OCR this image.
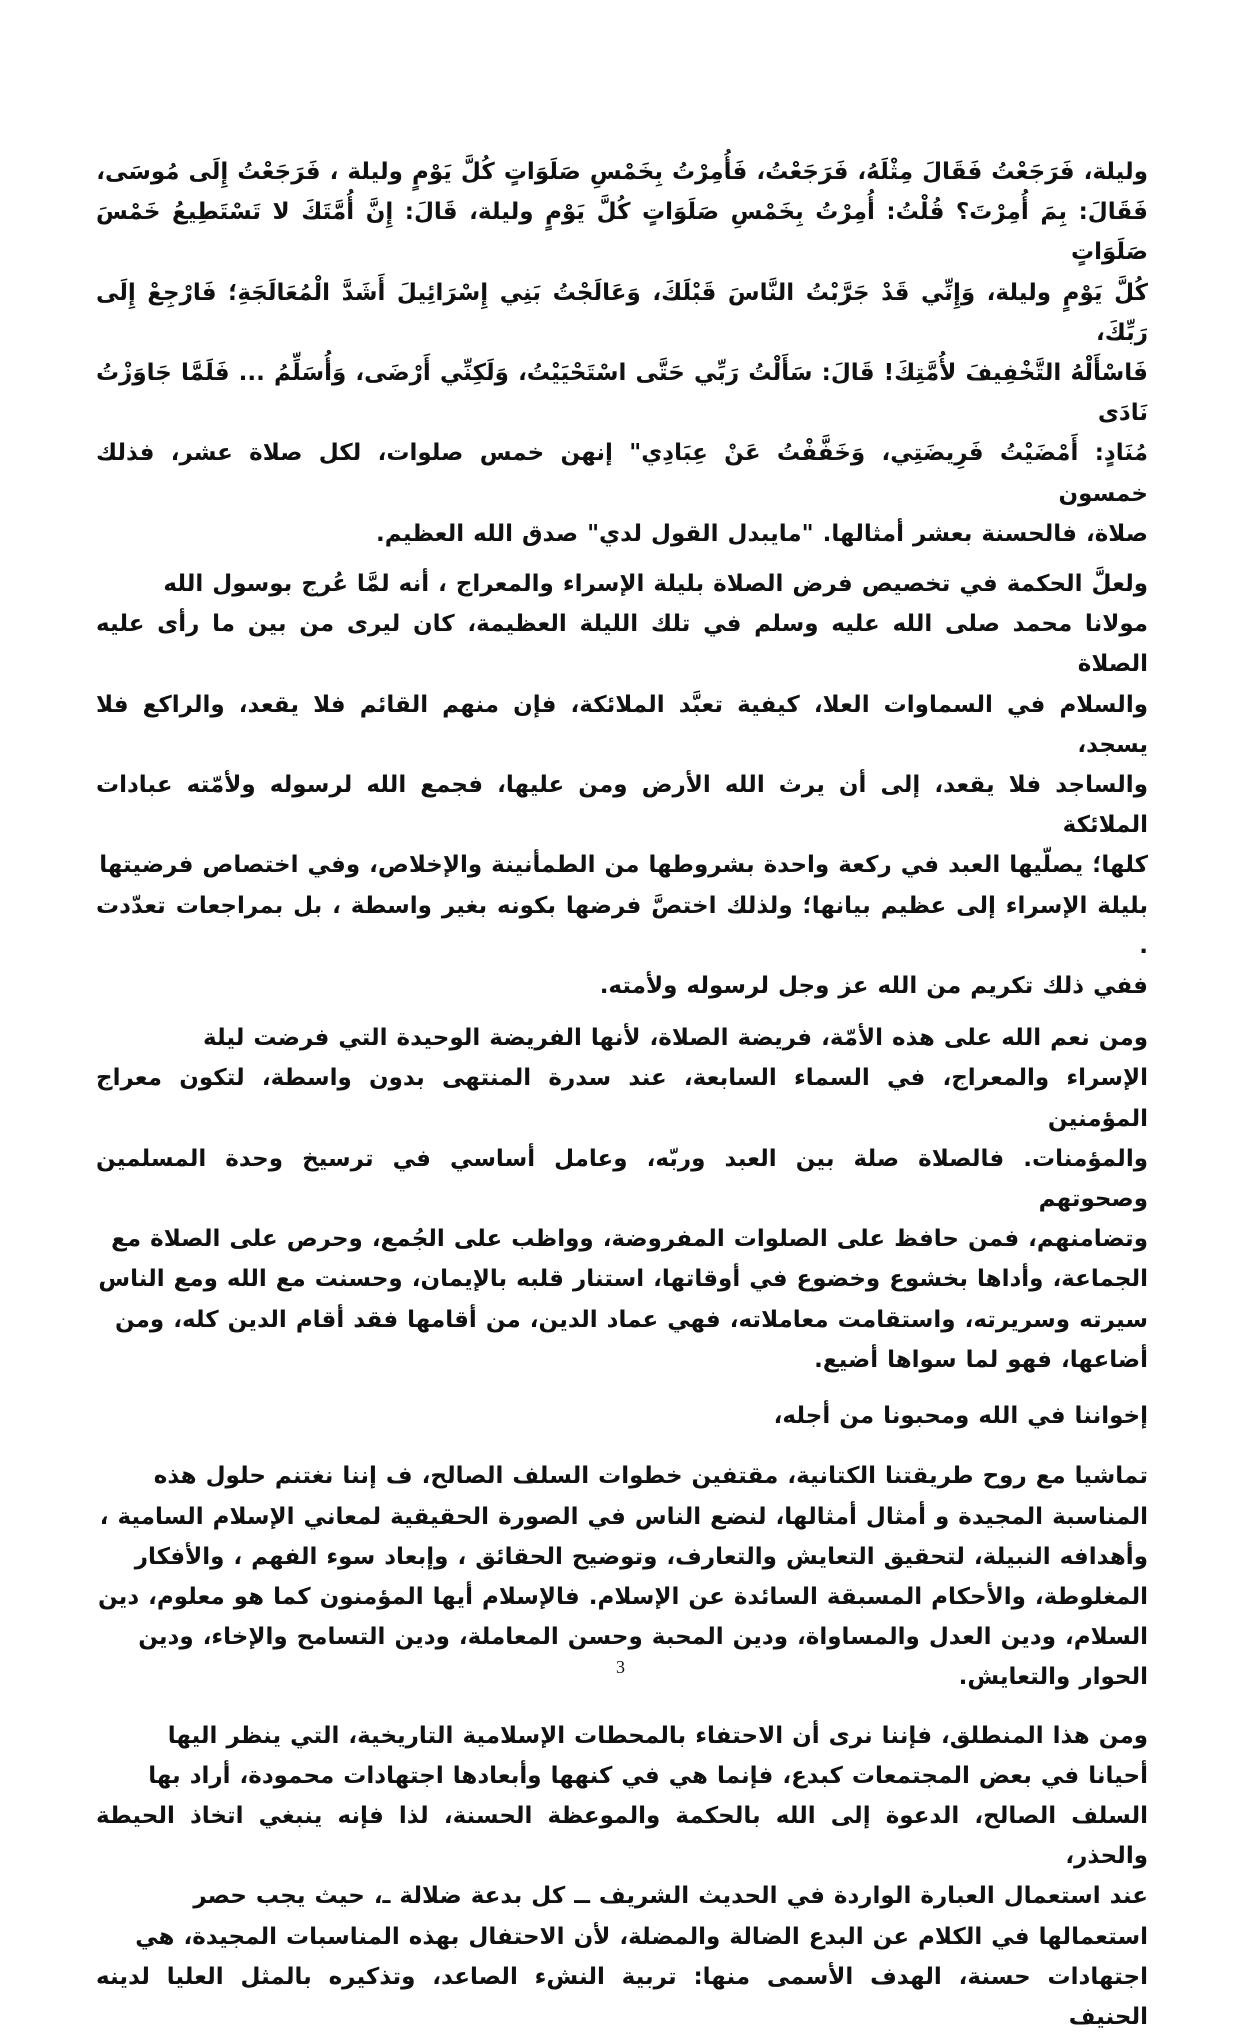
وليلة، فَرَجَعْتُ فَقَالَ مِثْلَهُ، فَرَجَعْتُ، فَأُمِرْتُ بِخَمْسِ صَلَوَاتٍ كُلَّ يَوْمٍ وليلة ، فَرَجَعْتُ إِلَى مُوسَى،
فَقَالَ: بِمَ أُمِرْتَ؟ قُلْتُ: أُمِرْتُ بِخَمْسِ صَلَوَاتٍ كُلَّ يَوْمٍ وليلة، قَالَ: إِنَّ أُمَّتَكَ لا تَسْتَطِيعُ خَمْسَ صَلَوَاتٍ
كُلَّ يَوْمٍ وليلة، وَإِنِّي قَدْ جَرَّبْتُ النَّاسَ قَبْلَكَ، وَعَالَجْتُ بَنِي إِسْرَائِيلَ أَشَدَّ الْمُعَالَجَةِ؛ فَارْجِعْ إِلَى رَبِّكَ،
فَاسْأَلْهُ التَّخْفِيفَ لأُمَّتِكَ! قَالَ: سَأَلْتُ رَبِّي حَتَّى اسْتَحْيَيْتُ، وَلَكِنِّي أَرْضَى، وَأُسَلِّمُ ... فَلَمَّا جَاوَزْتُ نَادَى
مُنَادٍ: أَمْضَيْتُ فَرِيضَتِي، وَخَفَّفْتُ عَنْ عِبَادِي" إنهن خمس صلوات، لكل صلاة عشر، فذلك خمسون
صلاة، فالحسنة بعشر أمثالها. "مايبدل القول لدي" صدق الله العظيم.

ولعلَّ الحكمة في تخصيص فرض الصلاة بليلة الإسراء والمعراج ، أنه لمَّا عُرج بوسول الله
مولانا محمد صلى الله عليه وسلم في تلك الليلة العظيمة، كان ليرى من بين ما رأى عليه الصلاة
والسلام في السماوات العلا، كيفية تعبَّد الملائكة، فإن منهم القائم فلا يقعد، والراكع فلا يسجد،
والساجد فلا يقعد، إلى أن يرث الله الأرض ومن عليها، فجمع الله لرسوله ولأمّته عبادات الملائكة
كلها؛ يصلّيها العبد في ركعة واحدة بشروطها من الطمأنينة والإخلاص، وفي اختصاص فرضيتها
بليلة الإسراء إلى عظيم بيانها؛ ولذلك اختصَّ فرضها بكونه بغير واسطة ، بل بمراجعات تعدّدت .
ففي ذلك تكريم من الله عز وجل لرسوله ولأمته.

ومن نعم الله على هذه الأمّة، فريضة الصلاة، لأنها الفريضة الوحيدة التي فرضت ليلة
الإسراء والمعراج، في السماء السابعة، عند سدرة المنتهى بدون واسطة، لتكون معراج المؤمنين
والمؤمنات. فالصلاة صلة بين العبد وربّه، وعامل أساسي في ترسيخ وحدة المسلمين وصحوتهم
وتضامنهم، فمن حافظ على الصلوات المفروضة، وواظب على الجُمع، وحرص على الصلاة مع
الجماعة، وأداها بخشوع وخضوع في أوقاتها، استنار قلبه بالإيمان، وحسنت مع الله ومع الناس
سيرته وسريرته، واستقامت معاملاته، فهي عماد الدين، من أقامها فقد أقام الدين كله، ومن
أضاعها، فهو لما سواها أضيع.

إخواننا في الله ومحبونا من أجله،

تماشيا مع روح طريقتنا الكتانية، مقتفين خطوات السلف الصالح، ف إننا نغتنم حلول هذه
المناسبة المجيدة و أمثال أمثالها، لنضع الناس في الصورة الحقيقية لمعاني الإسلام السامية ،
وأهدافه النبيلة، لتحقيق التعايش والتعارف، وتوضيح الحقائق ، وإبعاد سوء الفهم ، والأفكار
المغلوطة، والأحكام المسبقة السائدة عن الإسلام. فالإسلام أيها المؤمنون كما هو معلوم، دين
السلام، ودين العدل والمساواة، ودين المحبة وحسن المعاملة، ودين التسامح والإخاء، ودين
الحوار والتعايش.

ومن هذا المنطلق، فإننا نرى أن الاحتفاء بالمحطات الإسلامية التاريخية، التي ينظر اليها
أحيانا في بعض المجتمعات كبدع، فإنما هي في كنهها وأبعادها اجتهادات محمودة، أراد بها
السلف الصالح، الدعوة إلى الله بالحكمة والموعظة الحسنة، لذا فإنه ينبغي اتخاذ الحيطة والحذر،
عند استعمال العبارة الواردة في الحديث الشريف ــ كل بدعة ضلالة ـ، حيث يجب حصر
استعمالها في الكلام عن البدع الضالة والمضلة، لأن الاحتفال بهذه المناسبات المجيدة، هي
اجتهادات حسنة، الهدف الأسمى منها: تربية النشء الصاعد، وتذكيره بالمثل العليا لدينه الحنيف

3
